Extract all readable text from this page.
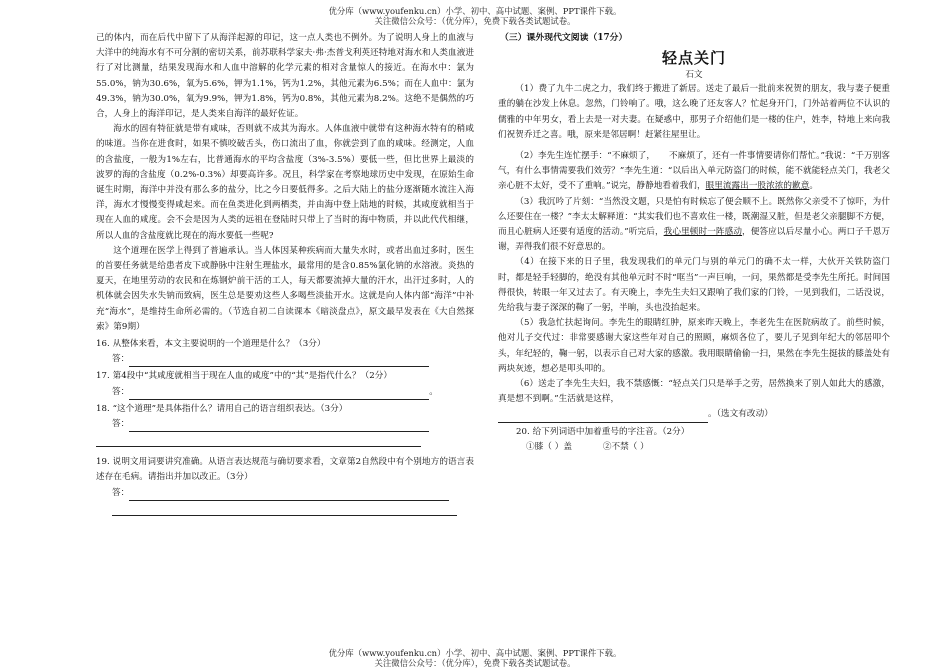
优分库（www.youfenku.cn）小学、初中、高中试题、案例、PPT课件下载。
关注微信公众号：（优分库），免费下载各类试题试卷。

己的体内，而在后代中留下了从海洋起源的印记，这一点人类也不例外。为了说明人身上的血液与大洋中的纯海水有不可分割的密切关系，前苏联科学家夫·弗·杰普戈利英还特地对海水和人类血液进行了对比测量，结果发现海水和人血中溶解的化学元素的相对含量惊人的接近。在海水中：氯为55.0%，钠为30.6%，氧为5.6%，钾为1.1%，钙为1.2%，其他元素为6.5%；而在人血中：氯为49.3%，钠为30.0%，氧为9.9%，钾为1.8%，钙为0.8%，其他元素为8.2%。这绝不是偶然的巧合，人身上的海洋印记，是人类来自海洋的最好佐证。

海水的固有特征就是带有咸味，否则就不成其为海水。人体血液中就带有这种海水特有的稍咸的味道。当你在进食时，如果不慎咬破舌头，伤口流出了血，你就尝到了血的咸味。经测定，人血的含盐度，一般为1%左右，比普通海水的平均含盐度（3%-3.5%）要低一些，但比世界上最淡的波罗的海的含盐度（0.2%-0.3%）却要高许多。况且，科学家在考察地球历史中发现，在原始生命诞生时期，海洋中并没有那么多的盐分，比之今日要低得多。之后大陆上的盐分逐渐随水流注入海洋，海水才慢慢变得咸起来。而在鱼类进化到两栖类，并由海中登上陆地的时候，其咸度就相当于现在人血的咸度。会不会是因为人类的远祖在登陆时只带上了当时的海中物质，并以此代代相继，所以人血的含盐度就比现在的海水要低一些呢?

这个道理在医学上得到了普遍承认。当人体因某种疾病而大量失水时，或者出血过多时，医生的首要任务就是给患者皮下或静脉中注射生理盐水，最常用的是含0.85%氯化钠的水溶液。炎热的夏天，在地里劳动的农民和在炼钢炉前干活的工人，每天都要流掉大量的汗水，出汗过多时，人的机体就会因失水失钠而致病，医生总是要劝这些人多喝些淡盐开水。这就是向人体内部“海洋”中补充“海水”，是维持生命所必需的。（节选自初二自读课本《暗淡盘点》，原文最早发表在《大自然探索》第9期）

16. 从整体来看，本文主要说明的一个道理是什么？（3分）

答：

17. 第4段中“其咸度就相当于现在人血的咸度”中的“其”是指代什么？（2分）

答：	。

18. “这个道理”是具体指什么？请用自己的语言组织表达。（3分）

答：

19. 说明文用词要讲究准确。从语言表达规范与确切要求看，文章第2自然段中有个别地方的语言表述存在毛病。请指出并加以改正。（3分）

答：
（三）课外现代文阅读（17分）
轻点关门
石文

（1）费了九牛二虎之力，我们终于搬进了新居。送走了最后一批前来祝贺的朋友，我与妻子便重重的躺在沙发上休息。忽然，门铃响了。哦，这么晚了还友客人？忙起身开门，门外站着两位不认识的儒雅的中年男女，看上去是一对夫妻。在疑惑中，那男子介绍他们是一楼的住户，姓李，特地上来向我们祝贺乔迁之喜。哦，原来是邻居啊！赶紧往屋里让。

（2）李先生连忙摆手：“不麻烦了， 不麻烦了，还有一件事情要请你们帮忙。”我说：“千万别客气，有什么事情需要我们效劳？”李先生道：“以后出入单元防盗门的时候，能不就能轻点关门，我老父亲心脏不太好，受不了重响。”说完，静静地看着我们，眼里流露出一股浓浓的歉意。

（3）我沉吟了片刻：“当然没文题，只是怕有时候忘了便会顺不上。既然你父亲受不了惊吓，为什么还要住在一楼？”李太太解释道：“其实我们也不喜欢住一楼，既潮湿又脏，但是老父亲腿脚不方便，而且心脏病人还要有适度的活动。”听完后，我心里顿时一阵感动，便答应以后尽量小心。两口子千恩万谢，弄得我们很不好意思的。

（4）在接下来的日子里，我发现我们的单元门与别的单元门的确不太一样，大伙开关铁防盗门时，都是轻手轻脚的，绝没有其他单元时不时“哐当”一声巨响，一问，果然都是受李先生所托。时间国得很快，转眼一年又过去了。有天晚上，李先生夫妇又跟响了我们家的门铃，一见到我们，二话没说，先给我与妻子深深的鞠了一躬，半晌，头也没抬起来。

（5）我急忙扶起询问。李先生的眼睛红肿，原来昨天晚上，李老先生在医院病故了。前些时候，他对儿子交代过：非常要感谢大家这些年对自己的照顾，麻烦各位了，要儿子见到年纪大的邻居叩个头，年纪轻的，鞠一躬，以表示自己对大家的感激。我用眼睛偷偷一扫，果然在李先生挺拔的膝盖处有两块灰迹，想必是叩头叩的。

（6）送走了李先生夫妇，我不禁感慨：“轻点关门只是举手之劳，居然换来了别人如此大的感激，真是想不到啊。”生活就是这样，
。（选文有改动）

20. 给下列词语中加着重号的字注音。（2分）

①膝（ ）盖	②不禁（ ）
优分库（www.youfenku.cn）小学、初中、高中试题、案例、PPT课件下载。
关注微信公众号：（优分库），免费下载各类试题试卷。
